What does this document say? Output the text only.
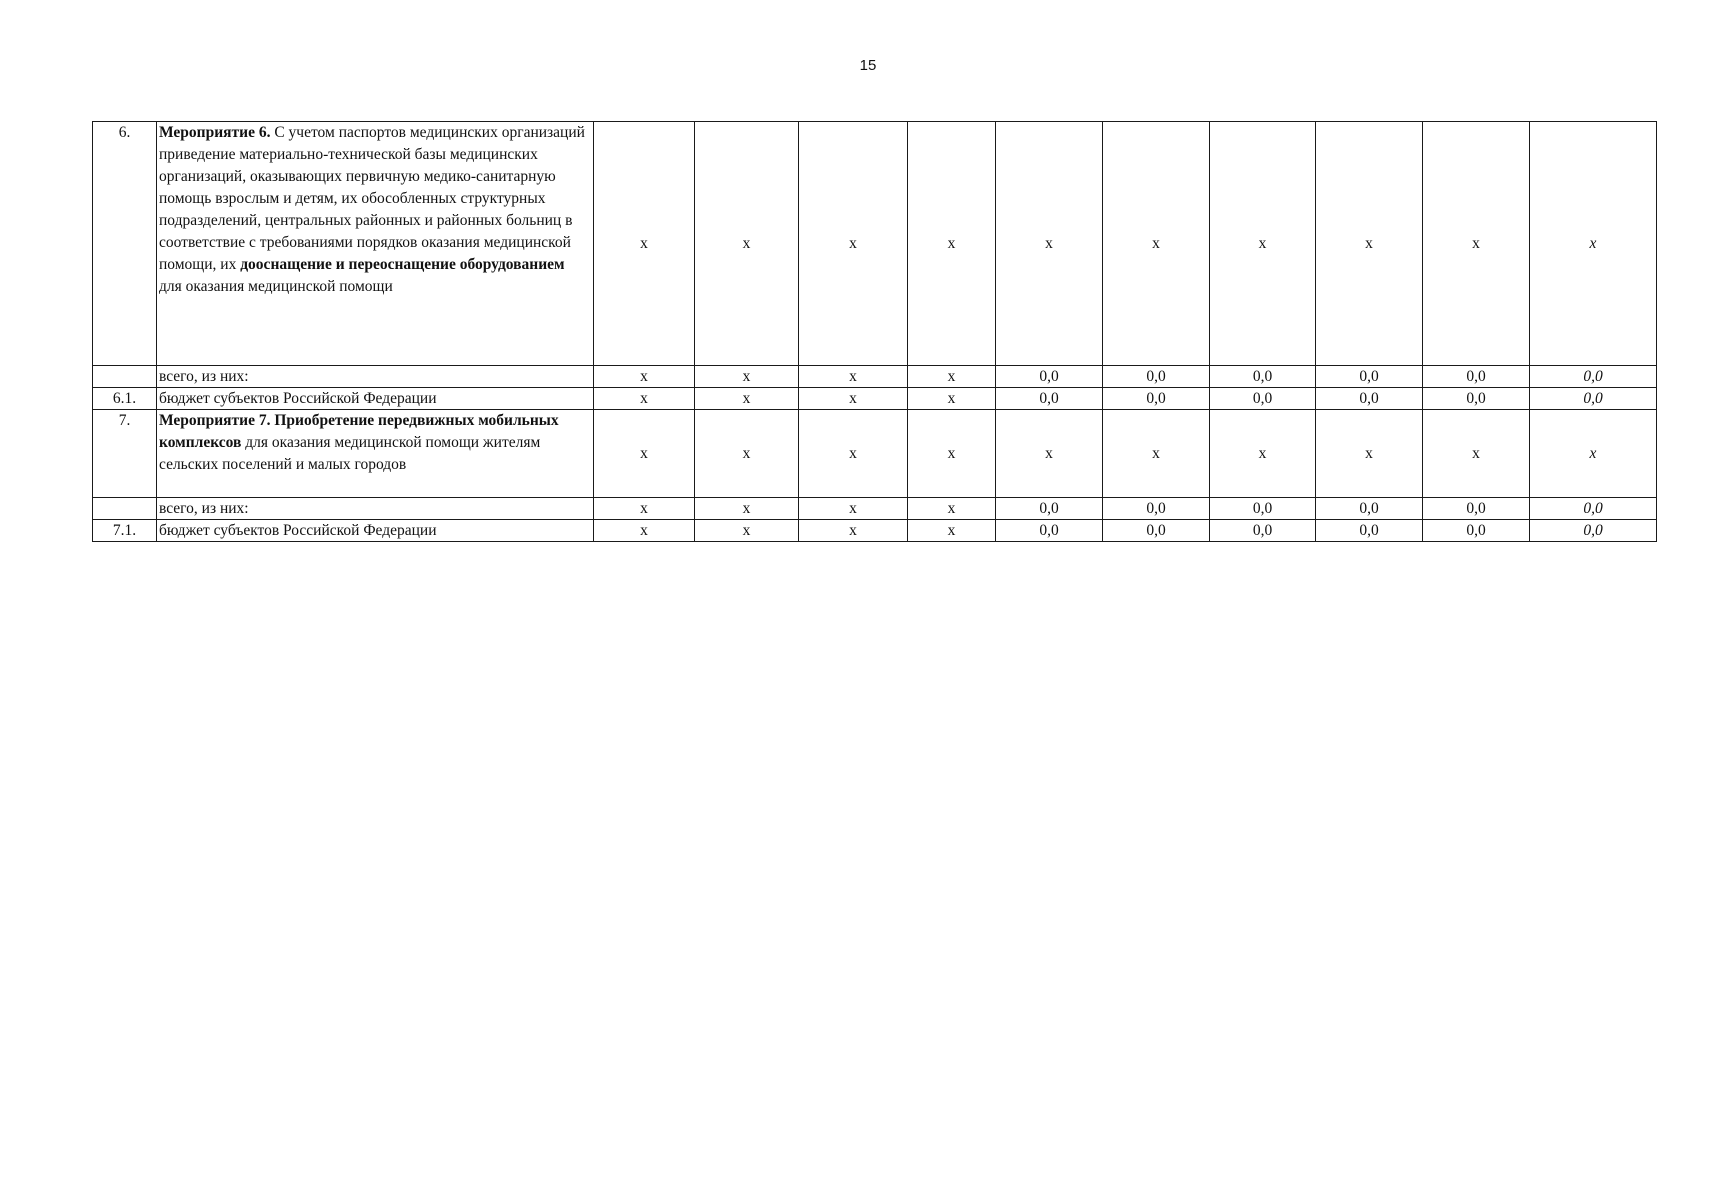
15
6.	Мероприятие 6. С учетом паспортов медицинских организаций приведение материально-технической базы медицинских организаций, оказывающих первичную медико-санитарную помощь взрослым и детям, их обособленных структурных подразделений, центральных районных и районных больниц в соответствие с требованиями порядков оказания медицинской помощи, их дооснащение и переоснащение оборудованием для оказания медицинской помощи	х	х	х	х	х	х	х	х	х	х
	всего, из них:	х	х	х	х	0,0	0,0	0,0	0,0	0,0	0,0
6.1.	бюджет субъектов Российской Федерации	х	х	х	х	0,0	0,0	0,0	0,0	0,0	0,0
7.	Мероприятие 7. Приобретение передвижных мобильных комплексов для оказания медицинской помощи жителям сельских поселений и малых городов	х	х	х	х	х	х	х	х	х	х
	всего, из них:	х	х	х	х	0,0	0,0	0,0	0,0	0,0	0,0
7.1.	бюджет субъектов Российской Федерации	х	х	х	х	0,0	0,0	0,0	0,0	0,0	0,0
